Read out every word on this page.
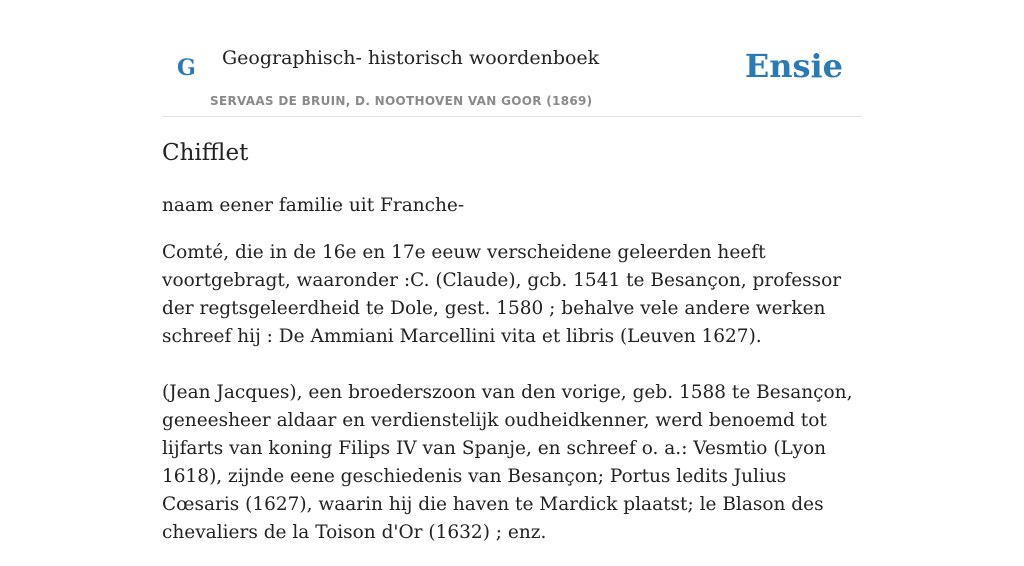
G Geographisch- historisch woordenboek
SERVAAS DE BRUIN, D. NOOTHOVEN VAN GOOR (1869)
Ensie
Chifflet

naam eener familie uit Franche-

Comté, die in de 16e en 17e eeuw verscheidene geleerden heeft voortgebragt, waaronder :C. (Claude), gcb. 1541 te Besançon, professor der regtsgeleerdheid te Dole, gest. 1580 ; behalve vele andere werken schreef hij : De Ammiani Marcellini vita et libris (Leuven 1627).

(Jean Jacques), een broederszoon van den vorige, geb. 1588 te Besançon, geneesheer aldaar en verdienstelijk oudheidkenner, werd benoemd tot lijfarts van koning Filips IV van Spanje, en schreef o. a.: Vesmtio (Lyon 1618), zijnde eene geschiedenis van Besançon; Portus ledits Julius Cœsaris (1627), waarin hij die haven te Mardick plaatst; le Blason des chevaliers de la Toison d'Or (1632) ; enz.
